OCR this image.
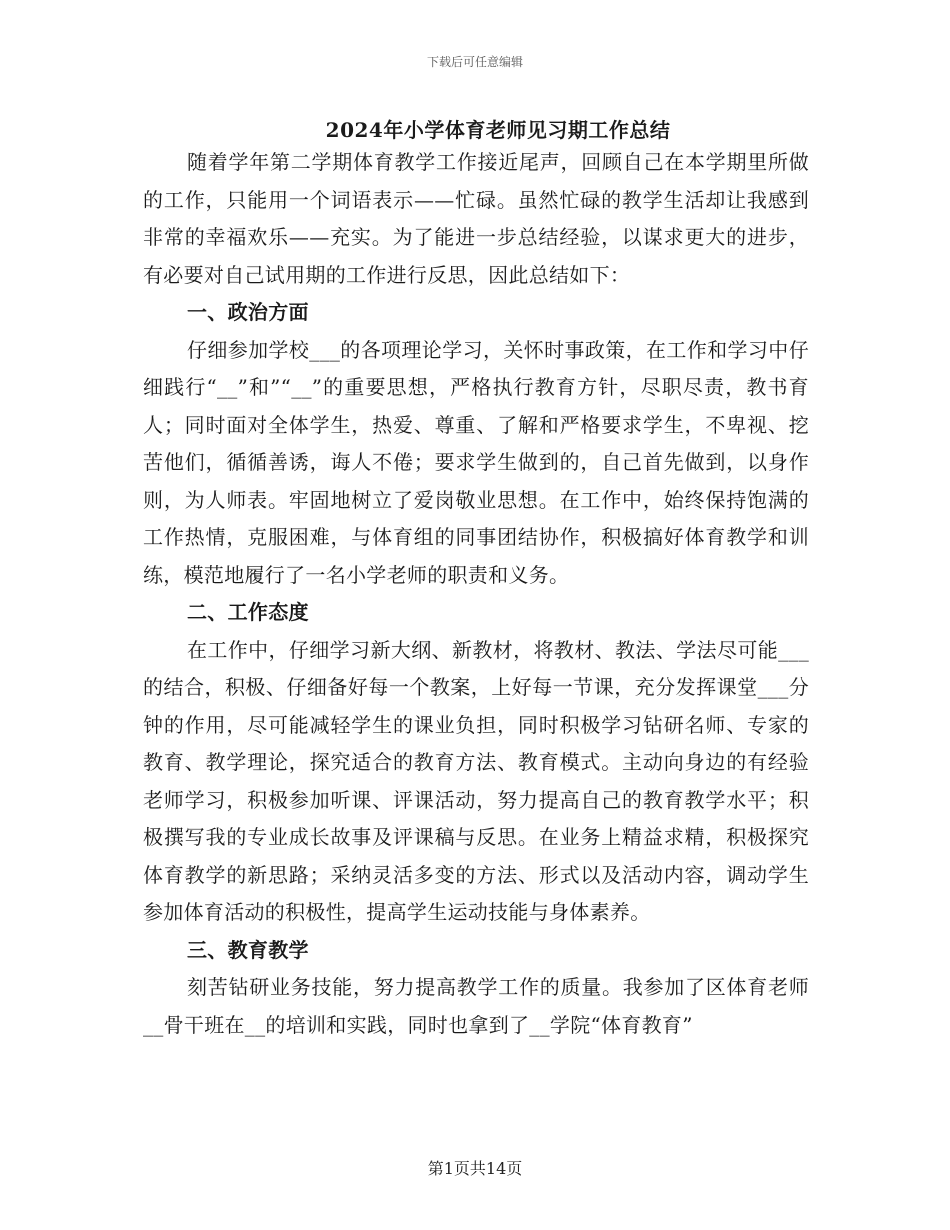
下载后可任意编辑
2024年小学体育老师见习期工作总结

随着学年第二学期体育教学工作接近尾声，回顾自己在本学期里所做的工作，只能用一个词语表示——忙碌。虽然忙碌的教学生活却让我感到非常的幸福欢乐——充实。为了能进一步总结经验，以谋求更大的进步，有必要对自己试用期的工作进行反思，因此总结如下：

一、政治方面

仔细参加学校___的各项理论学习，关怀时事政策，在工作和学习中仔细践行“__”和”“__”的重要思想，严格执行教育方针，尽职尽责，教书育人；同时面对全体学生，热爱、尊重、了解和严格要求学生，不卑视、挖苦他们，循循善诱，诲人不倦；要求学生做到的，自己首先做到，以身作则，为人师表。牢固地树立了爱岗敬业思想。在工作中，始终保持饱满的工作热情，克服困难，与体育组的同事团结协作，积极搞好体育教学和训练，模范地履行了一名小学老师的职责和义务。

二、工作态度

在工作中，仔细学习新大纲、新教材，将教材、教法、学法尽可能___的结合，积极、仔细备好每一个教案，上好每一节课，充分发挥课堂___分钟的作用，尽可能减轻学生的课业负担，同时积极学习钻研名师、专家的教育、教学理论，探究适合的教育方法、教育模式。主动向身边的有经验老师学习，积极参加听课、评课活动，努力提高自己的教育教学水平；积极撰写我的专业成长故事及评课稿与反思。在业务上精益求精，积极探究体育教学的新思路；采纳灵活多变的方法、形式以及活动内容，调动学生参加体育活动的积极性，提高学生运动技能与身体素养。

三、教育教学

刻苦钻研业务技能，努力提高教学工作的质量。我参加了区体育老师__骨干班在__的培训和实践，同时也拿到了__学院“体育教育”

第1页共14页
